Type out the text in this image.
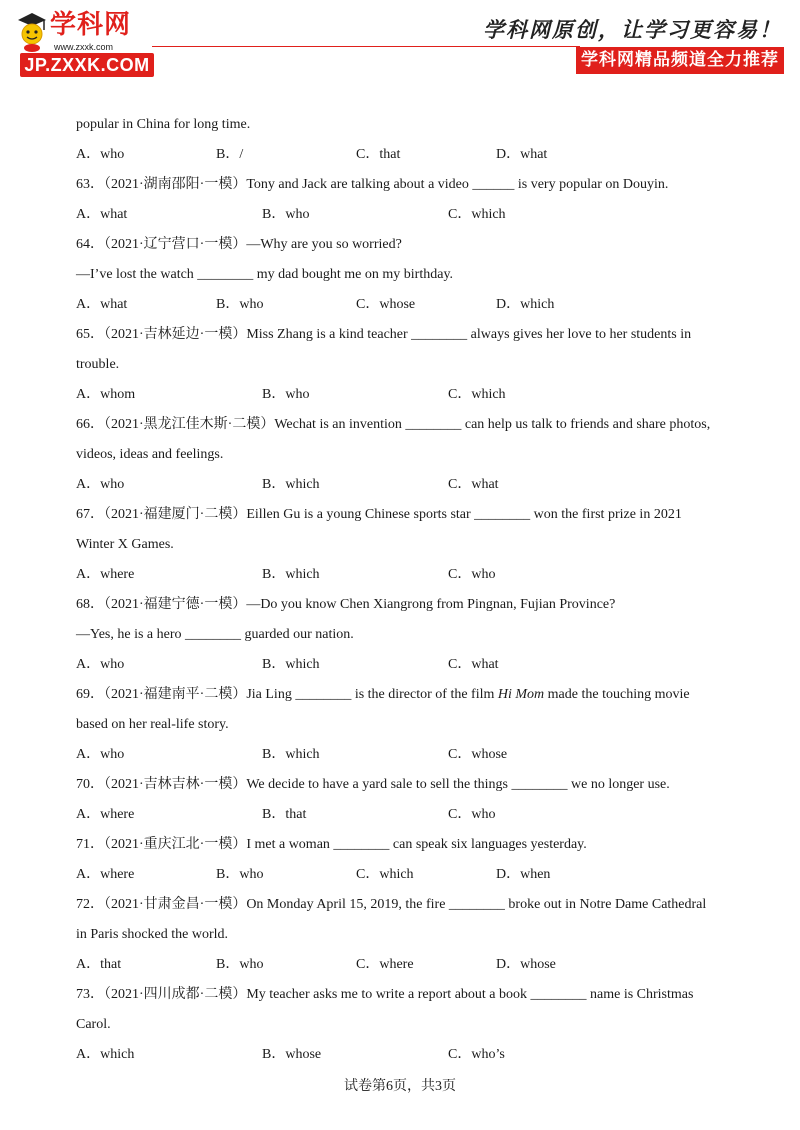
学科网
www.zxxk.com
JP.ZXXK.COM
学科网原创，让学习更容易！
学科网精品频道全力推荐
popular in China for long time.
A．who	B．/	C．that	D．what
63．（2021·湖南邵阳·一模）Tony and Jack are talking about a video ______ is very popular on Douyin.
A．what	B．who	C．which
64．（2021·辽宁营口·一模）—Why are you so worried?
—I’ve lost the watch ________ my dad bought me on my birthday.
A．what	B．who	C．whose	D．which
65．（2021·吉林延边·一模）Miss Zhang is a kind teacher ________ always gives her love to her students in
trouble.
A．whom	B．who	C．which
66．（2021·黑龙江佳木斯·二模）Wechat is an invention ________ can help us talk to friends and share photos,
videos, ideas and feelings.
A．who	B．which	C．what
67．（2021·福建厦门·二模）Eillen Gu is a young Chinese sports star ________ won the first prize in 2021
Winter X Games.
A．where	B．which	C．who
68．（2021·福建宁德·一模）—Do you know Chen Xiangrong from Pingnan, Fujian Province?
—Yes, he is a hero ________ guarded our nation.
A．who	B．which	C．what
69．（2021·福建南平·二模）Jia Ling ________ is the director of the film Hi Mom made the touching movie
based on her real-life story.
A．who	B．which	C．whose
70．（2021·吉林吉林·一模）We decide to have a yard sale to sell the things ________ we no longer use.
A．where	B．that	C．who
71．（2021·重庆江北·一模）I met a woman ________ can speak six languages yesterday.
A．where	B．who	C．which	D．when
72．（2021·甘肃金昌·一模）On Monday April 15, 2019, the fire ________ broke out in Notre Dame Cathedral
in Paris shocked the world.
A．that	B．who	C．where	D．whose
73．（2021·四川成都·二模）My teacher asks me to write a report about a book ________ name is Christmas
Carol.
A．which	B．whose	C．who’s
试卷第6页，共3页
